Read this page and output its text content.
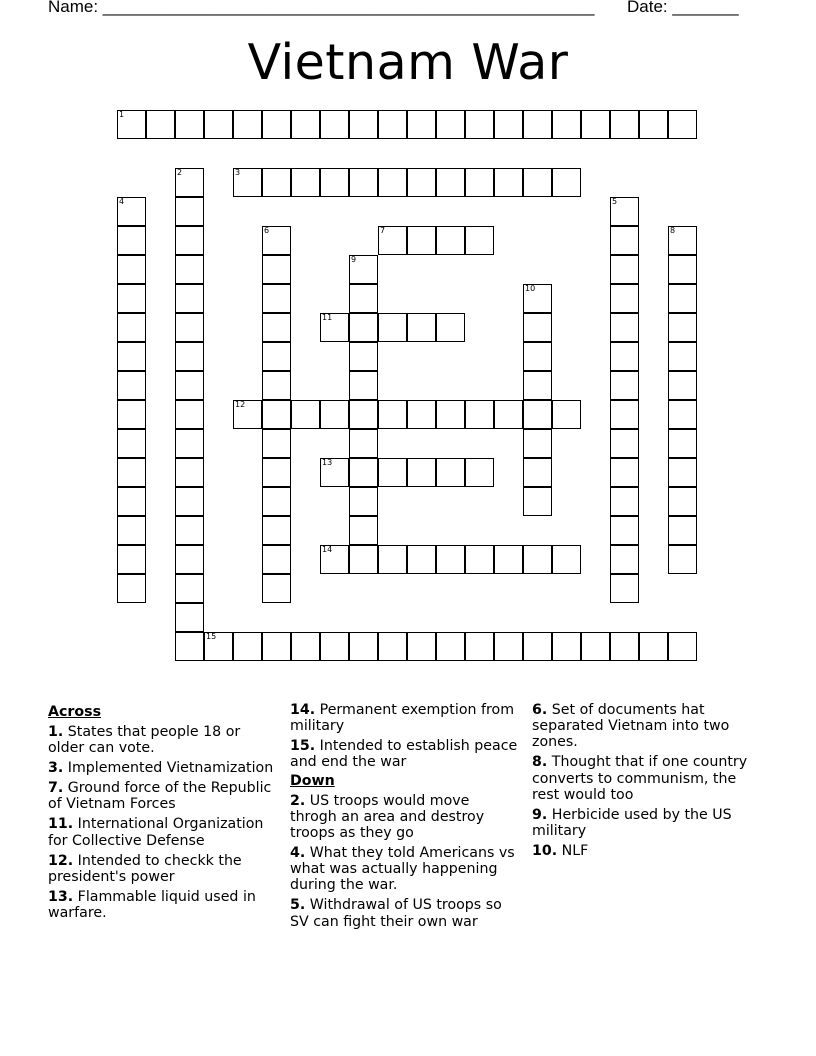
Name: ____________________________________________________ Date: _______
Vietnam War
1
2	3
4	5
6	7	8
9
10
11
12
13
14
15
Across
1. States that people 18 or older can vote.
3. Implemented Vietnamization
7. Ground force of the Republic of Vietnam Forces
11. International Organization for Collective Defense
12. Intended to checkk the president's power
13. Flammable liquid used in warfare.
14. Permanent exemption from military
15. Intended to establish peace and end the war
Down
2. US troops would move throgh an area and destroy troops as they go
4. What they told Americans vs what was actually happening during the war.
5. Withdrawal of US troops so SV can fight their own war
6. Set of documents hat separated Vietnam into two zones.
8. Thought that if one country converts to communism, the rest would too
9. Herbicide used by the US military
10. NLF
